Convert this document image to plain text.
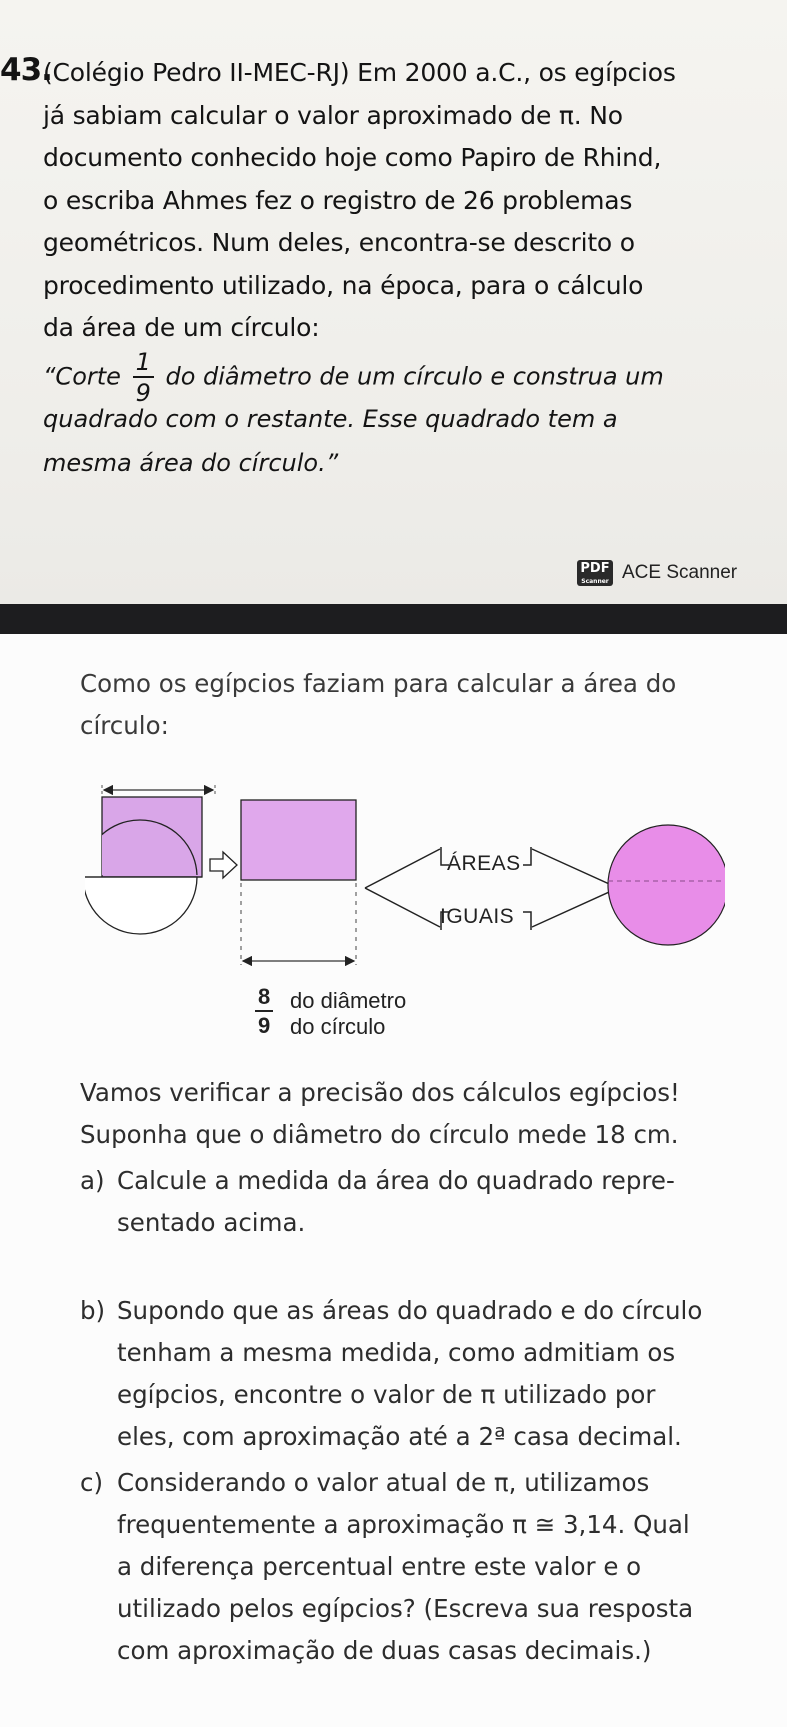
43.
(Colégio Pedro II-MEC-RJ) Em 2000 a.C., os egípcios
já sabiam calcular o valor aproximado de π. No
documento conhecido hoje como Papiro de Rhind,
o escriba Ahmes fez o registro de 26 problemas
geométricos. Num deles, encontra-se descrito o
procedimento utilizado, na época, para o cálculo
da área de um círculo:
“Corte $\frac{1}{9}$ do diâmetro de um círculo e construa um
quadrado com o restante. Esse quadrado tem a
mesma área do círculo.”
PDF
Scanner ACE Scanner
Como os egípcios faziam para calcular a área do
círculo:
ÁREAS
IGUAIS
$\frac{8}{9}$ do diâmetro
do círculo
Vamos verificar a precisão dos cálculos egípcios!
Suponha que o diâmetro do círculo mede 18 cm.
a) Calcule a medida da área do quadrado repre-
sentado acima.
b) Supondo que as áreas do quadrado e do círculo
tenham a mesma medida, como admitiam os
egípcios, encontre o valor de π utilizado por
eles, com aproximação até a 2ª casa decimal.
c) Considerando o valor atual de π, utilizamos
frequentemente a aproximação π ≅ 3,14. Qual
a diferença percentual entre este valor e o
utilizado pelos egípcios? (Escreva sua resposta
com aproximação de duas casas decimais.)
